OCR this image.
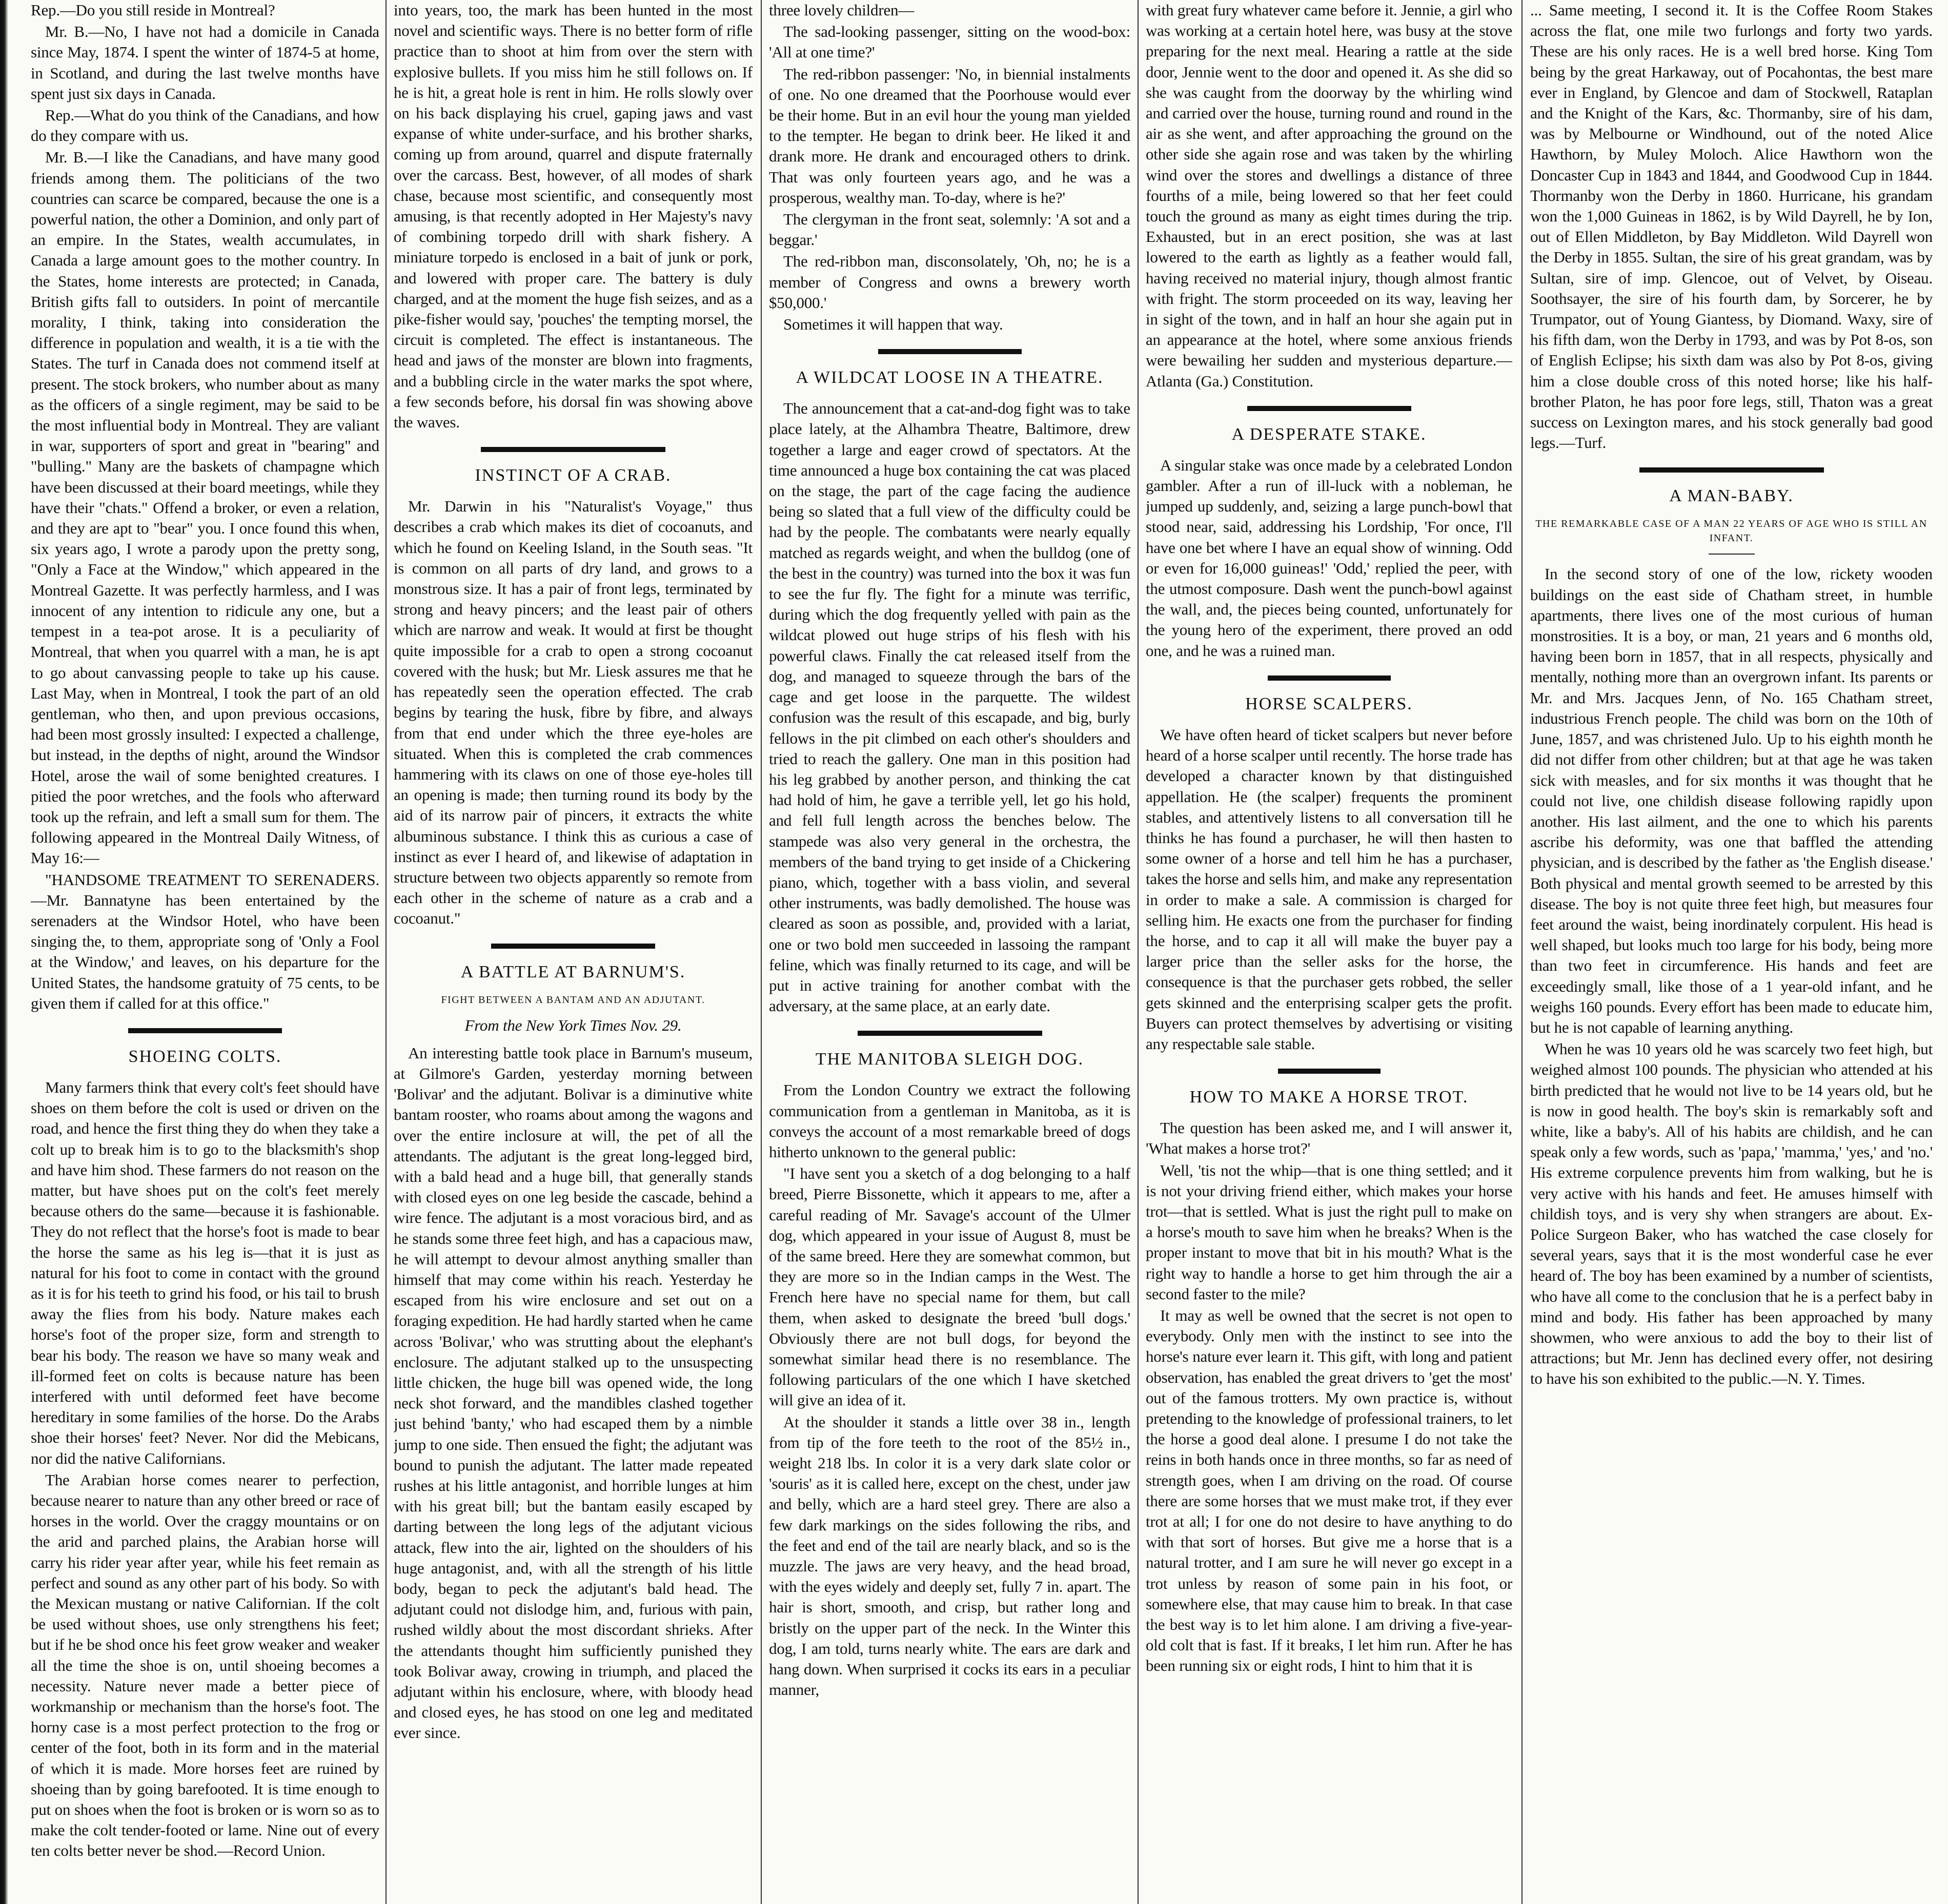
Rep.—Do you still reside in Montreal?

Mr. B.—No, I have not had a domicile in Canada since May, 1874. I spent the winter of 1874-5 at home, in Scotland, and during the last twelve months have spent just six days in Canada.

Rep.—What do you think of the Canadians, and how do they compare with us.

Mr. B.—I like the Canadians, and have many good friends among them. The politicians of the two countries can scarce be compared, because the one is a powerful nation, the other a Dominion, and only part of an empire. In the States, wealth accumulates, in Canada a large amount goes to the mother country. In the States, home interests are protected; in Canada, British gifts fall to outsiders. In point of mercantile morality, I think, taking into consideration the difference in population and wealth, it is a tie with the States. The turf in Canada does not commend itself at present. The stock brokers, who number about as many as the officers of a single regiment, may be said to be the most influential body in Montreal. They are valiant in war, supporters of sport and great in "bearing" and "bulling." Many are the baskets of champagne which have been discussed at their board meetings, while they have their "chats." Offend a broker, or even a relation, and they are apt to "bear" you. I once found this when, six years ago, I wrote a parody upon the pretty song, "Only a Face at the Window," which appeared in the Montreal Gazette. It was perfectly harmless, and I was innocent of any intention to ridicule any one, but a tempest in a tea-pot arose. It is a peculiarity of Montreal, that when you quarrel with a man, he is apt to go about canvassing people to take up his cause. Last May, when in Montreal, I took the part of an old gentleman, who then, and upon previous occasions, had been most grossly insulted: I expected a challenge, but instead, in the depths of night, around the Windsor Hotel, arose the wail of some benighted creatures. I pitied the poor wretches, and the fools who afterward took up the refrain, and left a small sum for them. The following appeared in the Montreal Daily Witness, of May 16:—

"HANDSOME TREATMENT TO SERENADERS.—Mr. Bannatyne has been entertained by the serenaders at the Windsor Hotel, who have been singing the, to them, appropriate song of 'Only a Fool at the Window,' and leaves, on his departure for the United States, the handsome gratuity of 75 cents, to be given them if called for at this office."

SHOEING COLTS.

Many farmers think that every colt's feet should have shoes on them before the colt is used or driven on the road, and hence the first thing they do when they take a colt up to break him is to go to the blacksmith's shop and have him shod. These farmers do not reason on the matter, but have shoes put on the colt's feet merely because others do the same—because it is fashionable. They do not reflect that the horse's foot is made to bear the horse the same as his leg is—that it is just as natural for his foot to come in contact with the ground as it is for his teeth to grind his food, or his tail to brush away the flies from his body. Nature makes each horse's foot of the proper size, form and strength to bear his body. The reason we have so many weak and ill-formed feet on colts is because nature has been interfered with until deformed feet have become hereditary in some families of the horse. Do the Arabs shoe their horses' feet? Never. Nor did the Mebicans, nor did the native Californians.

The Arabian horse comes nearer to perfection, because nearer to nature than any other breed or race of horses in the world. Over the craggy mountains or on the arid and parched plains, the Arabian horse will carry his rider year after year, while his feet remain as perfect and sound as any other part of his body. So with the Mexican mustang or native Californian. If the colt be used without shoes, use only strengthens his feet; but if he be shod once his feet grow weaker and weaker all the time the shoe is on, until shoeing becomes a necessity. Nature never made a better piece of workmanship or mechanism than the horse's foot. The horny case is a most perfect protection to the frog or center of the foot, both in its form and in the material of which it is made. More horses feet are ruined by shoeing than by going barefooted. It is time enough to put on shoes when the foot is broken or is worn so as to make the colt tender-footed or lame. Nine out of every ten colts better never be shod.—Record Union.

into years, too, the mark has been hunted in the most novel and scientific ways. There is no better form of rifle practice than to shoot at him from over the stern with explosive bullets. If you miss him he still follows on. If he is hit, a great hole is rent in him. He rolls slowly over on his back displaying his cruel, gaping jaws and vast expanse of white under-surface, and his brother sharks, coming up from around, quarrel and dispute fraternally over the carcass. Best, however, of all modes of shark chase, because most scientific, and consequently most amusing, is that recently adopted in Her Majesty's navy of combining torpedo drill with shark fishery. A miniature torpedo is enclosed in a bait of junk or pork, and lowered with proper care. The battery is duly charged, and at the moment the huge fish seizes, and as a pike-fisher would say, 'pouches' the tempting morsel, the circuit is completed. The effect is instantaneous. The head and jaws of the monster are blown into fragments, and a bubbling circle in the water marks the spot where, a few seconds before, his dorsal fin was showing above the waves.

INSTINCT OF A CRAB.

Mr. Darwin in his "Naturalist's Voyage," thus describes a crab which makes its diet of cocoanuts, and which he found on Keeling Island, in the South seas. "It is common on all parts of dry land, and grows to a monstrous size. It has a pair of front legs, terminated by strong and heavy pincers; and the least pair of others which are narrow and weak. It would at first be thought quite impossible for a crab to open a strong cocoanut covered with the husk; but Mr. Liesk assures me that he has repeatedly seen the operation effected. The crab begins by tearing the husk, fibre by fibre, and always from that end under which the three eye-holes are situated. When this is completed the crab commences hammering with its claws on one of those eye-holes till an opening is made; then turning round its body by the aid of its narrow pair of pincers, it extracts the white albuminous substance. I think this as curious a case of instinct as ever I heard of, and likewise of adaptation in structure between two objects apparently so remote from each other in the scheme of nature as a crab and a cocoanut."

A BATTLE AT BARNUM'S.
FIGHT BETWEEN A BANTAM AND AN ADJUTANT.

From the New York Times Nov. 29.

An interesting battle took place in Barnum's museum, at Gilmore's Garden, yesterday morning between 'Bolivar' and the adjutant. Bolivar is a diminutive white bantam rooster, who roams about among the wagons and over the entire inclosure at will, the pet of all the attendants. The adjutant is the great long-legged bird, with a bald head and a huge bill, that generally stands with closed eyes on one leg beside the cascade, behind a wire fence. The adjutant is a most voracious bird, and as he stands some three feet high, and has a capacious maw, he will attempt to devour almost anything smaller than himself that may come within his reach. Yesterday he escaped from his wire enclosure and set out on a foraging expedition. He had hardly started when he came across 'Bolivar,' who was strutting about the elephant's enclosure. The adjutant stalked up to the unsuspecting little chicken, the huge bill was opened wide, the long neck shot forward, and the mandibles clashed together just behind 'banty,' who had escaped them by a nimble jump to one side. Then ensued the fight; the adjutant was bound to punish the adjutant. The latter made repeated rushes at his little antagonist, and horrible lunges at him with his great bill; but the bantam easily escaped by darting between the long legs of the adjutant vicious attack, flew into the air, lighted on the shoulders of his huge antagonist, and, with all the strength of his little body, began to peck the adjutant's bald head. The adjutant could not dislodge him, and, furious with pain, rushed wildly about the most discordant shrieks. After the attendants thought him sufficiently punished they took Bolivar away, crowing in triumph, and placed the adjutant within his enclosure, where, with bloody head and closed eyes, he has stood on one leg and meditated ever since.

three lovely children—

The sad-looking passenger, sitting on the wood-box: 'All at one time?'

The red-ribbon passenger: 'No, in biennial instalments of one. No one dreamed that the Poorhouse would ever be their home. But in an evil hour the young man yielded to the tempter. He began to drink beer. He liked it and drank more. He drank and encouraged others to drink. That was only fourteen years ago, and he was a prosperous, wealthy man. To-day, where is he?'

The clergyman in the front seat, solemnly: 'A sot and a beggar.'

The red-ribbon man, disconsolately, 'Oh, no; he is a member of Congress and owns a brewery worth $50,000.'

Sometimes it will happen that way.

A WILDCAT LOOSE IN A THEATRE.

The announcement that a cat-and-dog fight was to take place lately, at the Alhambra Theatre, Baltimore, drew together a large and eager crowd of spectators. At the time announced a huge box containing the cat was placed on the stage, the part of the cage facing the audience being so slated that a full view of the difficulty could be had by the people. The combatants were nearly equally matched as regards weight, and when the bulldog (one of the best in the country) was turned into the box it was fun to see the fur fly. The fight for a minute was terrific, during which the dog frequently yelled with pain as the wildcat plowed out huge strips of his flesh with his powerful claws. Finally the cat released itself from the dog, and managed to squeeze through the bars of the cage and get loose in the parquette. The wildest confusion was the result of this escapade, and big, burly fellows in the pit climbed on each other's shoulders and tried to reach the gallery. One man in this position had his leg grabbed by another person, and thinking the cat had hold of him, he gave a terrible yell, let go his hold, and fell full length across the benches below. The stampede was also very general in the orchestra, the members of the band trying to get inside of a Chickering piano, which, together with a bass violin, and several other instruments, was badly demolished. The house was cleared as soon as possible, and, provided with a lariat, one or two bold men succeeded in lassoing the rampant feline, which was finally returned to its cage, and will be put in active training for another combat with the adversary, at the same place, at an early date.

THE MANITOBA SLEIGH DOG.

From the London Country we extract the following communication from a gentleman in Manitoba, as it is conveys the account of a most remarkable breed of dogs hitherto unknown to the general public:

"I have sent you a sketch of a dog belonging to a half breed, Pierre Bissonette, which it appears to me, after a careful reading of Mr. Savage's account of the Ulmer dog, which appeared in your issue of August 8, must be of the same breed. Here they are somewhat common, but they are more so in the Indian camps in the West. The French here have no special name for them, but call them, when asked to designate the breed 'bull dogs.' Obviously there are not bull dogs, for beyond the somewhat similar head there is no resemblance. The following particulars of the one which I have sketched will give an idea of it.

At the shoulder it stands a little over 38 in., length from tip of the fore teeth to the root of the 85½ in., weight 218 lbs. In color it is a very dark slate color or 'souris' as it is called here, except on the chest, under jaw and belly, which are a hard steel grey. There are also a few dark markings on the sides following the ribs, and the feet and end of the tail are nearly black, and so is the muzzle. The jaws are very heavy, and the head broad, with the eyes widely and deeply set, fully 7 in. apart. The hair is short, smooth, and crisp, but rather long and bristly on the upper part of the neck. In the Winter this dog, I am told, turns nearly white. The ears are dark and hang down. When surprised it cocks its ears in a peculiar manner,

with great fury whatever came before it. Jennie, a girl who was working at a certain hotel here, was busy at the stove preparing for the next meal. Hearing a rattle at the side door, Jennie went to the door and opened it. As she did so she was caught from the doorway by the whirling wind and carried over the house, turning round and round in the air as she went, and after approaching the ground on the other side she again rose and was taken by the whirling wind over the stores and dwellings a distance of three fourths of a mile, being lowered so that her feet could touch the ground as many as eight times during the trip. Exhausted, but in an erect position, she was at last lowered to the earth as lightly as a feather would fall, having received no material injury, though almost frantic with fright. The storm proceeded on its way, leaving her in sight of the town, and in half an hour she again put in an appearance at the hotel, where some anxious friends were bewailing her sudden and mysterious departure.—Atlanta (Ga.) Constitution.

A DESPERATE STAKE.

A singular stake was once made by a celebrated London gambler. After a run of ill-luck with a nobleman, he jumped up suddenly, and, seizing a large punch-bowl that stood near, said, addressing his Lordship, 'For once, I'll have one bet where I have an equal show of winning. Odd or even for 16,000 guineas!' 'Odd,' replied the peer, with the utmost composure. Dash went the punch-bowl against the wall, and, the pieces being counted, unfortunately for the young hero of the experiment, there proved an odd one, and he was a ruined man.

HORSE SCALPERS.

We have often heard of ticket scalpers but never before heard of a horse scalper until recently. The horse trade has developed a character known by that distinguished appellation. He (the scalper) frequents the prominent stables, and attentively listens to all conversation till he thinks he has found a purchaser, he will then hasten to some owner of a horse and tell him he has a purchaser, takes the horse and sells him, and make any representation in order to make a sale. A commission is charged for selling him. He exacts one from the purchaser for finding the horse, and to cap it all will make the buyer pay a larger price than the seller asks for the horse, the consequence is that the purchaser gets robbed, the seller gets skinned and the enterprising scalper gets the profit. Buyers can protect themselves by advertising or visiting any respectable sale stable.

HOW TO MAKE A HORSE TROT.

The question has been asked me, and I will answer it, 'What makes a horse trot?'

Well, 'tis not the whip—that is one thing settled; and it is not your driving friend either, which makes your horse trot—that is settled. What is just the right pull to make on a horse's mouth to save him when he breaks? When is the proper instant to move that bit in his mouth? What is the right way to handle a horse to get him through the air a second faster to the mile?

It may as well be owned that the secret is not open to everybody. Only men with the instinct to see into the horse's nature ever learn it. This gift, with long and patient observation, has enabled the great drivers to 'get the most' out of the famous trotters. My own practice is, without pretending to the knowledge of professional trainers, to let the horse a good deal alone. I presume I do not take the reins in both hands once in three months, so far as need of strength goes, when I am driving on the road. Of course there are some horses that we must make trot, if they ever trot at all; I for one do not desire to have anything to do with that sort of horses. But give me a horse that is a natural trotter, and I am sure he will never go except in a trot unless by reason of some pain in his foot, or somewhere else, that may cause him to break. In that case the best way is to let him alone. I am driving a five-year-old colt that is fast. If it breaks, I let him run. After he has been running six or eight rods, I hint to him that it is

... Same meeting, I second it. It is the Coffee Room Stakes across the flat, one mile two furlongs and forty two yards. These are his only races. He is a well bred horse. King Tom being by the great Harkaway, out of Pocahontas, the best mare ever in England, by Glencoe and dam of Stockwell, Rataplan and the Knight of the Kars, &c. Thormanby, sire of his dam, was by Melbourne or Windhound, out of the noted Alice Hawthorn, by Muley Moloch. Alice Hawthorn won the Doncaster Cup in 1843 and 1844, and Goodwood Cup in 1844. Thormanby won the Derby in 1860. Hurricane, his grandam won the 1,000 Guineas in 1862, is by Wild Dayrell, he by Ion, out of Ellen Middleton, by Bay Middleton. Wild Dayrell won the Derby in 1855. Sultan, the sire of his great grandam, was by Sultan, sire of imp. Glencoe, out of Velvet, by Oiseau. Soothsayer, the sire of his fourth dam, by Sorcerer, he by Trumpator, out of Young Giantess, by Diomand. Waxy, sire of his fifth dam, won the Derby in 1793, and was by Pot 8-os, son of English Eclipse; his sixth dam was also by Pot 8-os, giving him a close double cross of this noted horse; like his half-brother Platon, he has poor fore legs, still, Thaton was a great success on Lexington mares, and his stock generally bad good legs.—Turf.

A MAN-BABY.
THE REMARKABLE CASE OF A MAN 22 YEARS OF AGE WHO IS STILL AN INFANT.

In the second story of one of the low, rickety wooden buildings on the east side of Chatham street, in humble apartments, there lives one of the most curious of human monstrosities. It is a boy, or man, 21 years and 6 months old, having been born in 1857, that in all respects, physically and mentally, nothing more than an overgrown infant. Its parents or Mr. and Mrs. Jacques Jenn, of No. 165 Chatham street, industrious French people. The child was born on the 10th of June, 1857, and was christened Julo. Up to his eighth month he did not differ from other children; but at that age he was taken sick with measles, and for six months it was thought that he could not live, one childish disease following rapidly upon another. His last ailment, and the one to which his parents ascribe his deformity, was one that baffled the attending physician, and is described by the father as 'the English disease.' Both physical and mental growth seemed to be arrested by this disease. The boy is not quite three feet high, but measures four feet around the waist, being inordinately corpulent. His head is well shaped, but looks much too large for his body, being more than two feet in circumference. His hands and feet are exceedingly small, like those of a 1 year-old infant, and he weighs 160 pounds. Every effort has been made to educate him, but he is not capable of learning anything.

When he was 10 years old he was scarcely two feet high, but weighed almost 100 pounds. The physician who attended at his birth predicted that he would not live to be 14 years old, but he is now in good health. The boy's skin is remarkably soft and white, like a baby's. All of his habits are childish, and he can speak only a few words, such as 'papa,' 'mamma,' 'yes,' and 'no.' His extreme corpulence prevents him from walking, but he is very active with his hands and feet. He amuses himself with childish toys, and is very shy when strangers are about. Ex-Police Surgeon Baker, who has watched the case closely for several years, says that it is the most wonderful case he ever heard of. The boy has been examined by a number of scientists, who have all come to the conclusion that he is a perfect baby in mind and body. His father has been approached by many showmen, who were anxious to add the boy to their list of attractions; but Mr. Jenn has declined every offer, not desiring to have his son exhibited to the public.—N. Y. Times.
